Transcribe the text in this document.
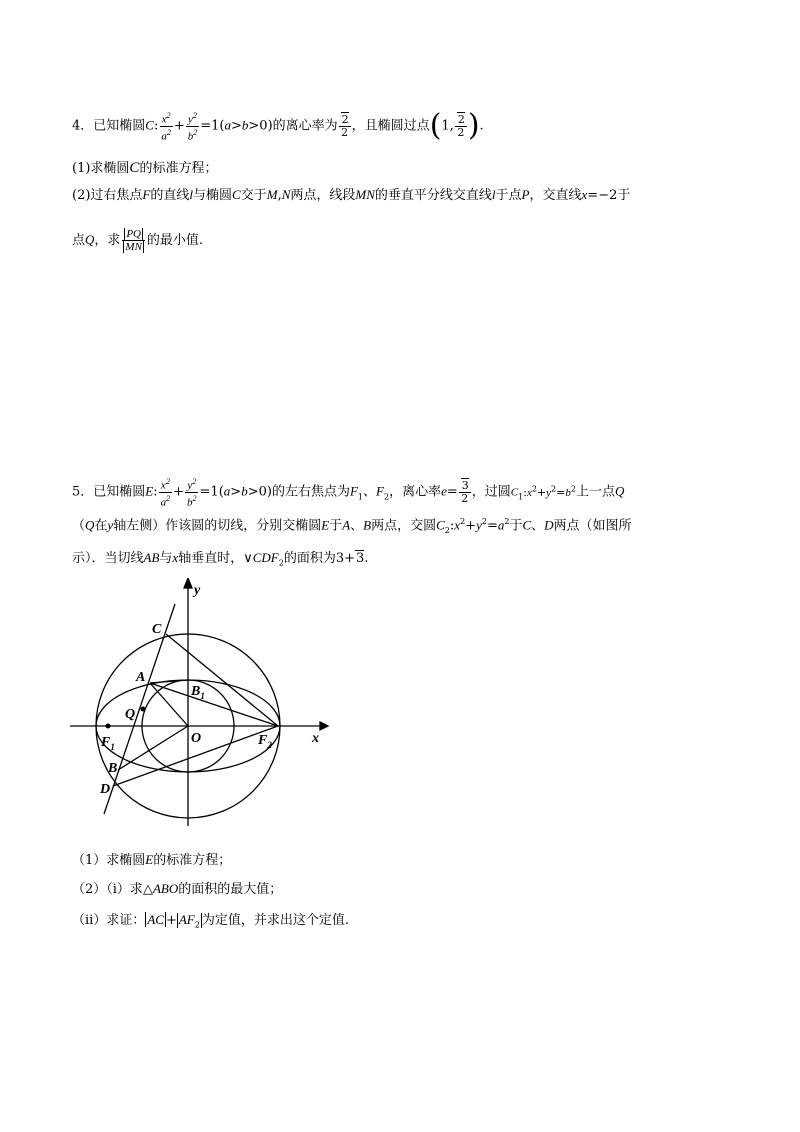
4．已知椭圆C: $\frac{x^2}{a^2} + \frac{y^2}{b^2} =1(a>b>0)$的离心率为 $\frac{2}{2}$ ，且椭圆过点(1, $\frac{2}{2}$ ).
(1)求椭圆C的标准方程；
(2)过右焦点F的直线l与椭圆C交于M,N两点，线段MN的垂直平分线交直线l于点P，交直线x=−2于
点Q，求 $\frac{PQ}{MN}$ 的最小值.
5．已知椭圆E: $\frac{x^2}{a^2} + \frac{y^2}{b^2} =1(a>b>0)$的左右焦点为$F_1$、$F_2$，离心率$e= \frac{3}{2}$ ，过圆$C_1:x^2+y^2=b^2$上一点Q
（Q在y轴左侧）作该圆的切线，分别交椭圆E于A、B两点，交圆$C_2:x^2+y^2=a^2$于C、D两点（如图所
示）．当切线AB与x轴垂直时，$\vee CDF_2$的面积为3+3.
y
x
C
A
$B_1$
Q
$F_1$
O	$F_2$
B
D
（1）求椭圆E的标准方程；
（2）（ⅰ）求△ABO的面积的最大值；
（ⅱ）求证： AC + $AF_2$ 为定值，并求出这个定值.
